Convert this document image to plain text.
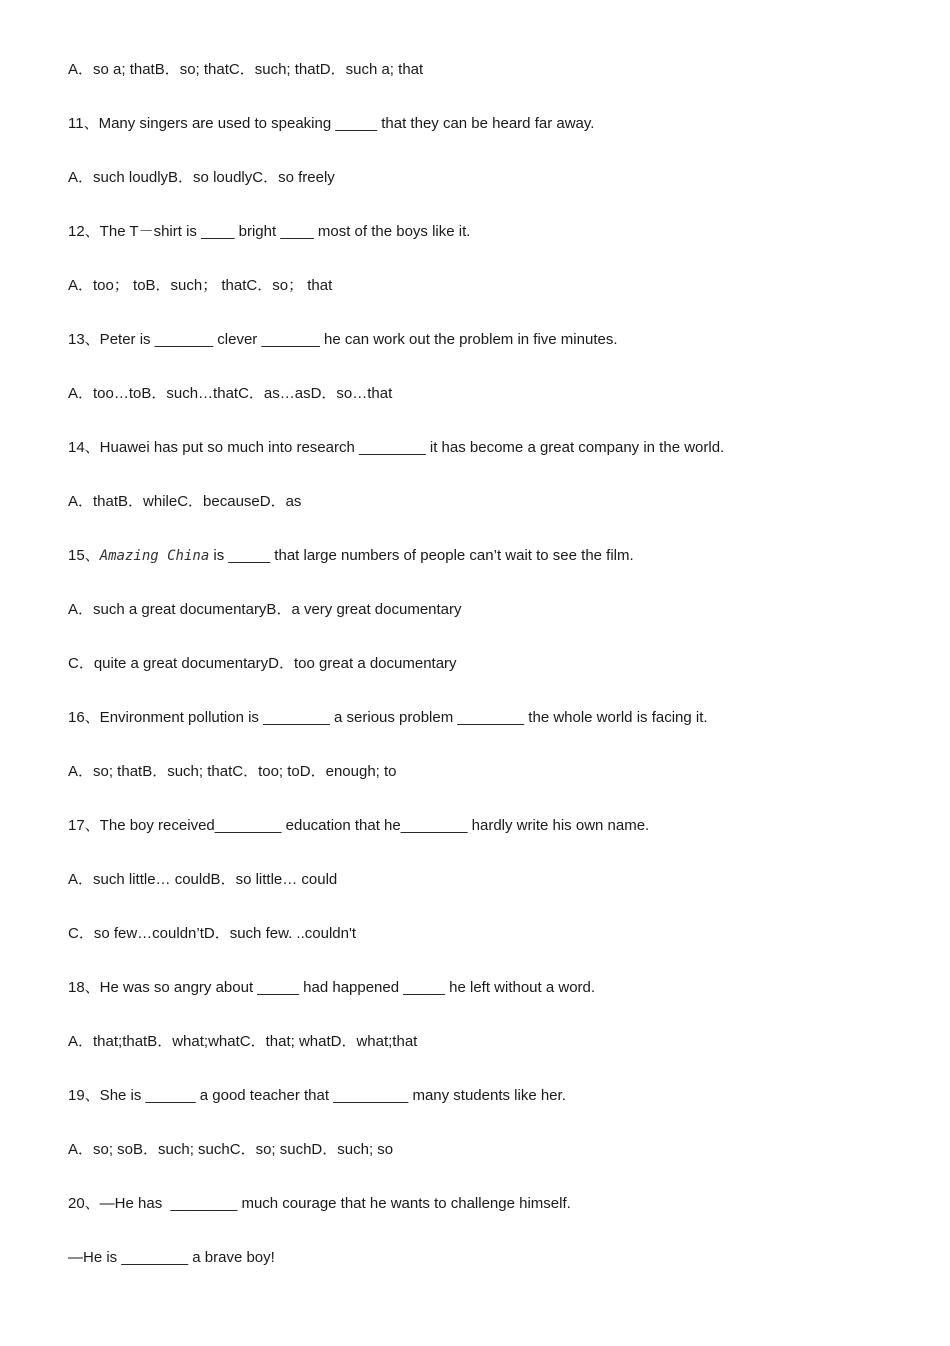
A．so a; thatB．so; thatC．such; thatD．such a; that
11、Many singers are used to speaking _____ that they can be heard far away.
A．such loudlyB．so loudlyC．so freely
12、The T－shirt is ____ bright ____ most of the boys like it.
A．too； toB．such； thatC．so； that
13、Peter is _______ clever _______ he can work out the problem in five minutes.
A．too…toB．such…thatC．as…asD．so…that
14、Huawei has put so much into research ________ it has become a great company in the world.
A．thatB．whileC．becauseD．as
15、Amazing China is _____ that large numbers of people can’t wait to see the film.
A．such a great documentaryB．a very great documentary
C．quite a great documentaryD．too great a documentary
16、Environment pollution is ________ a serious problem ________ the whole world is facing it.
A．so; thatB．such; thatC．too; toD．enough; to
17、The boy received________ education that he________ hardly write his own name.
A．such little… couldB．so little… could
C．so few…couldn’tD．such few. ..couldn't
18、He was so angry about _____ had happened _____ he left without a word.
A．that;thatB．what;whatC．that; whatD．what;that
19、She is ______ a good teacher that _________ many students like her.
A．so; soB．such; suchC．so; suchD．such; so
20、—He has  ________ much courage that he wants to challenge himself.
—He is ________ a brave boy!
